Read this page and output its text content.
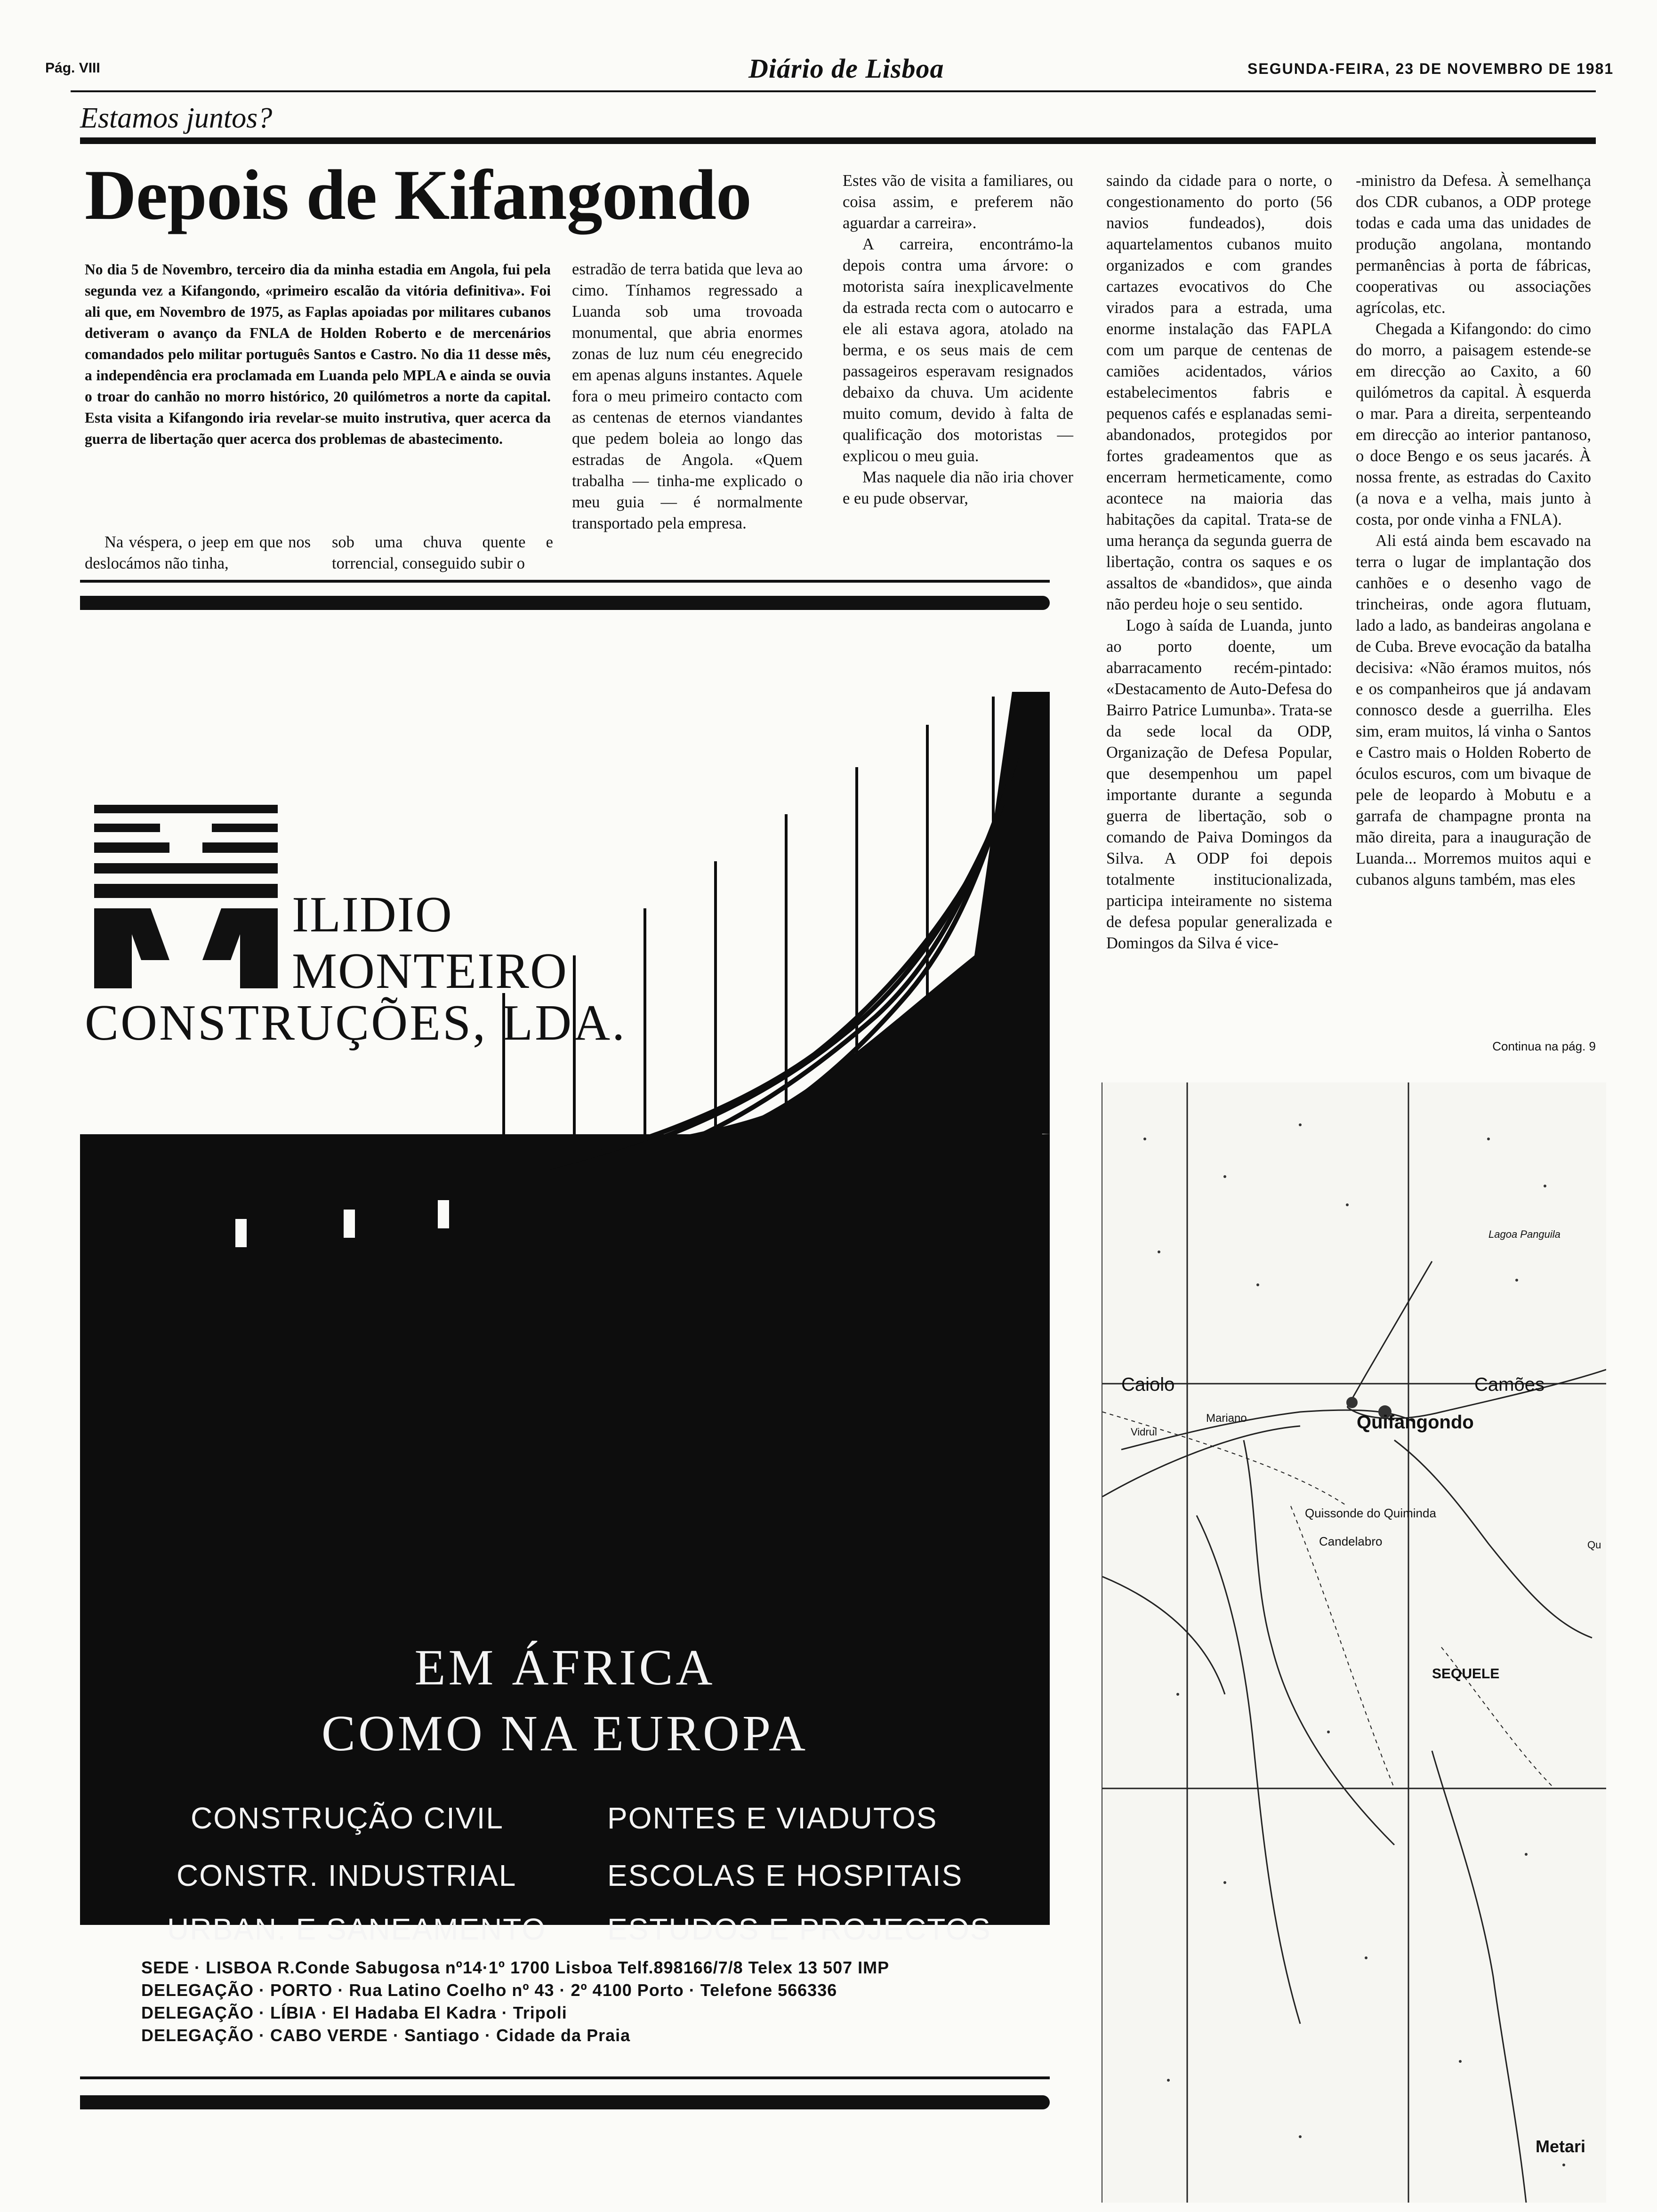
Pág. VIII	Diário de Lisboa	SEGUNDA-FEIRA, 23 DE NOVEMBRO DE 1981
Estamos juntos?
Depois de Kifangondo
No dia 5 de Novembro, terceiro dia da minha estadia em Angola, fui pela segunda vez a Kifangondo, «primeiro escalão da vitória definitiva». Foi ali que, em Novembro de 1975, as Faplas apoiadas por militares cubanos detiveram o avanço da FNLA de Holden Roberto e de mercenários comandados pelo militar português Santos e Castro. No dia 11 desse mês, a independência era proclamada em Luanda pelo MPLA e ainda se ouvia o troar do canhão no morro histórico, 20 quilómetros a norte da capital. Esta visita a Kifangondo iria revelar-se muito instrutiva, quer acerca da guerra de libertação quer acerca dos problemas de abastecimento.

Na véspera, o jeep em que nos deslocámos não tinha,

sob uma chuva quente e torrencial, conseguido subir o

estradão de terra batida que leva ao cimo. Tínhamos regressado a Luanda sob uma trovoada monumental, que abria enormes zonas de luz num céu enegrecido em apenas alguns instantes. Aquele fora o meu primeiro contacto com as centenas de eternos viandantes que pedem boleia ao longo das estradas de Angola. «Quem trabalha — tinha-me explicado o meu guia — é normalmente transportado pela empresa.

Estes vão de visita a familiares, ou coisa assim, e preferem não aguardar a carreira».

A carreira, encontrámo-la depois contra uma árvore: o motorista saíra inexplicavelmente da estrada recta com o autocarro e ele ali estava agora, atolado na berma, e os seus mais de cem passageiros esperavam resignados debaixo da chuva. Um acidente muito comum, devido à falta de qualificação dos motoristas — explicou o meu guia.

Mas naquele dia não iria chover e eu pude observar,

saindo da cidade para o norte, o congestionamento do porto (56 navios fundeados), dois aquartelamentos cubanos muito organizados e com grandes cartazes evocativos do Che virados para a estrada, uma enorme instalação das FAPLA com um parque de centenas de camiões acidentados, vários estabelecimentos fabris e pequenos cafés e esplanadas semi-abandonados, protegidos por fortes gradeamentos que as encerram hermeticamente, como acontece na maioria das habitações da capital. Trata-se de uma herança da segunda guerra de libertação, contra os saques e os assaltos de «bandidos», que ainda não perdeu hoje o seu sentido.

Logo à saída de Luanda, junto ao porto doente, um abarracamento recém-pintado: «Destacamento de Auto-Defesa do Bairro Patrice Lumunba». Trata-se da sede local da ODP, Organização de Defesa Popular, que desempenhou um papel importante durante a segunda guerra de libertação, sob o comando de Paiva Domingos da Silva. A ODP foi depois totalmente institucionalizada, participa inteiramente no sistema de defesa popular generalizada e Domingos da Silva é vice-

-ministro da Defesa. À semelhança dos CDR cubanos, a ODP protege todas e cada uma das unidades de produção angolana, montando permanências à porta de fábricas, cooperativas ou associações agrícolas, etc.

Chegada a Kifangondo: do cimo do morro, a paisagem estende-se em direcção ao Caxito, a 60 quilómetros da capital. À esquerda o mar. Para a direita, serpenteando em direcção ao interior pantanoso, o doce Bengo e os seus jacarés. À nossa frente, as estradas do Caxito (a nova e a velha, mais junto à costa, por onde vinha a FNLA).

Ali está ainda bem escavado na terra o lugar de implantação dos canhões e o desenho vago de trincheiras, onde agora flutuam, lado a lado, as bandeiras angolana e de Cuba. Breve evocação da batalha decisiva: «Não éramos muitos, nós e os companheiros que já andavam connosco desde a guerrilha. Eles sim, eram muitos, lá vinha o Santos e Castro mais o Holden Roberto de óculos escuros, com um bivaque de pele de leopardo à Mobutu e a garrafa de champagne pronta na mão direita, para a inauguração de Luanda... Morremos muitos aqui e cubanos alguns também, mas eles

Continua na pág. 9
ILIDIO
MONTEIRO
CONSTRUÇÕES, LDA.
EM ÁFRICA
COMO NA EUROPA
CONSTRUÇÃO CIVIL
CONSTR. INDUSTRIAL
URBAN. E SANEAMENTO
PONTES E VIADUTOS
ESCOLAS E HOSPITAIS
ESTUDOS E PROJECTOS
SEDE · LISBOA R.Conde Sabugosa nº14·1º 1700 Lisboa Telf.898166/7/8 Telex 13 507 IMP
DELEGAÇÃO · PORTO · Rua Latino Coelho nº 43 · 2º 4100 Porto · Telefone 566336
DELEGAÇÃO · LÍBIA · El Hadaba El Kadra · Tripoli
DELEGAÇÃO · CABO VERDE · Santiago · Cidade da Praia
Lagoa Panguila
Caiolo
Quifangondo
Camões
Vidrul
Mariano
Quissonde do Quiminda
Candelabro
SEQUELE
Metari
Qu
